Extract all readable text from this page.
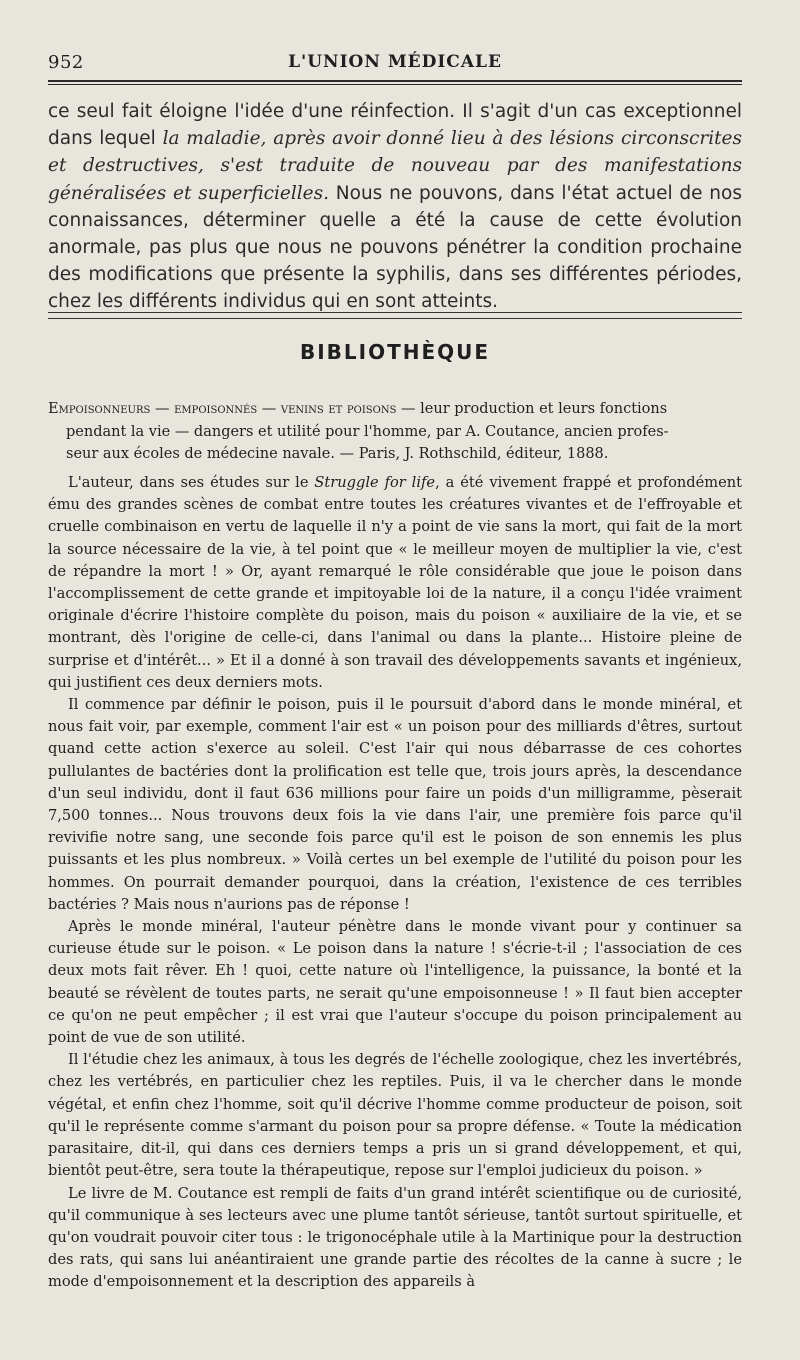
952	L'UNION MÉDICALE
ce seul fait éloigne l'idée d'une réinfection. Il s'agit d'un cas exceptionnel dans lequel la maladie, après avoir donné lieu à des lésions circonscrites et destructives, s'est traduite de nouveau par des manifestations généralisées et superficielles. Nous ne pouvons, dans l'état actuel de nos connaissances, déterminer quelle a été la cause de cette évolution anormale, pas plus que nous ne pouvons pénétrer la condition prochaine des modifications que présente la syphilis, dans ses différentes périodes, chez les différents individus qui en sont atteints.
BIBLIOTHÈQUE
Empoisonneurs — empoisonnés — venins et poisons — leur production et leurs fonctions
pendant la vie — dangers et utilité pour l'homme, par A. Coutance, ancien profes-
seur aux écoles de médecine navale. — Paris, J. Rothschild, éditeur, 1888.

L'auteur, dans ses études sur le Struggle for life, a été vivement frappé et profondément ému des grandes scènes de combat entre toutes les créatures vivantes et de l'effroyable et cruelle combinaison en vertu de laquelle il n'y a point de vie sans la mort, qui fait de la mort la source nécessaire de la vie, à tel point que « le meilleur moyen de multiplier la vie, c'est de répandre la mort ! » Or, ayant remarqué le rôle considérable que joue le poison dans l'accomplissement de cette grande et impitoyable loi de la nature, il a conçu l'idée vraiment originale d'écrire l'histoire complète du poison, mais du poison « auxiliaire de la vie, et se montrant, dès l'origine de celle-ci, dans l'animal ou dans la plante... Histoire pleine de surprise et d'intérêt... » Et il a donné à son travail des développements savants et ingénieux, qui justifient ces deux derniers mots.

Il commence par définir le poison, puis il le poursuit d'abord dans le monde minéral, et nous fait voir, par exemple, comment l'air est « un poison pour des milliards d'êtres, surtout quand cette action s'exerce au soleil. C'est l'air qui nous débarrasse de ces cohortes pullulantes de bactéries dont la prolification est telle que, trois jours après, la descendance d'un seul individu, dont il faut 636 millions pour faire un poids d'un milligramme, pèserait 7,500 tonnes... Nous trouvons deux fois la vie dans l'air, une première fois parce qu'il revivifie notre sang, une seconde fois parce qu'il est le poison de son ennemis les plus puissants et les plus nombreux. » Voilà certes un bel exemple de l'utilité du poison pour les hommes. On pourrait demander pourquoi, dans la création, l'existence de ces terribles bactéries ? Mais nous n'aurions pas de réponse !

Après le monde minéral, l'auteur pénètre dans le monde vivant pour y continuer sa curieuse étude sur le poison. « Le poison dans la nature ! s'écrie-t-il ; l'association de ces deux mots fait rêver. Eh ! quoi, cette nature où l'intelligence, la puissance, la bonté et la beauté se révèlent de toutes parts, ne serait qu'une empoisonneuse ! » Il faut bien accepter ce qu'on ne peut empêcher ; il est vrai que l'auteur s'occupe du poison principalement au point de vue de son utilité.

Il l'étudie chez les animaux, à tous les degrés de l'échelle zoologique, chez les invertébrés, chez les vertébrés, en particulier chez les reptiles. Puis, il va le chercher dans le monde végétal, et enfin chez l'homme, soit qu'il décrive l'homme comme producteur de poison, soit qu'il le représente comme s'armant du poison pour sa propre défense. « Toute la médication parasitaire, dit-il, qui dans ces derniers temps a pris un si grand développement, et qui, bientôt peut-être, sera toute la thérapeutique, repose sur l'emploi judicieux du poison. »

Le livre de M. Coutance est rempli de faits d'un grand intérêt scientifique ou de curiosité, qu'il communique à ses lecteurs avec une plume tantôt sérieuse, tantôt surtout spirituelle, et qu'on voudrait pouvoir citer tous : le trigonocéphale utile à la Martinique pour la destruction des rats, qui sans lui anéantiraient une grande partie des récoltes de la canne à sucre ; le mode d'empoisonnement et la description des appareils à
